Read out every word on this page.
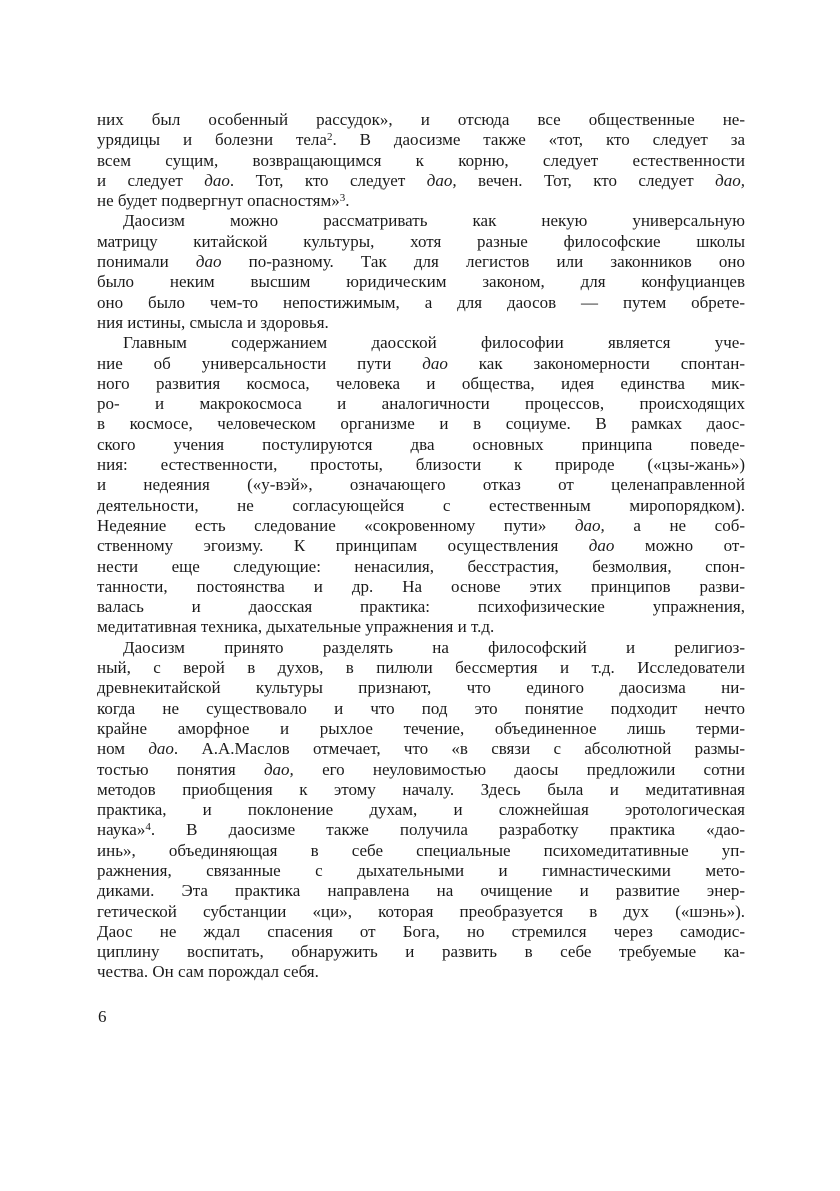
них был особенный рассудок», и отсюда все общественные не-
урядицы и болезни тела$^2$. В даосизме также «тот, кто следует за
всем сущим, возвращающимся к корню, следует естественности
и следует дао. Тот, кто следует дао, вечен. Тот, кто следует дао,
не будет подвергнут опасностям»$^3$.
Даосизм можно рассматривать как некую универсальную
матрицу китайской культуры, хотя разные философские школы
понимали дао по-разному. Так для легистов или законников оно
было неким высшим юридическим законом, для конфуцианцев
оно было чем-то непостижимым, а для даосов — путем обрете-
ния истины, смысла и здоровья.
Главным содержанием даосской философии является уче-
ние об универсальности пути дао как закономерности спонтан-
ного развития космоса, человека и общества, идея единства мик-
ро- и макрокосмоса и аналогичности процессов, происходящих
в космосе, человеческом организме и в социуме. В рамках даос-
ского учения постулируются два основных принципа поведе-
ния: естественности, простоты, близости к природе («цзы-жань»)
и недеяния («у-вэй», означающего отказ от целенаправленной
деятельности, не согласующейся с естественным миропорядком).
Недеяние есть следование «сокровенному пути» дао, а не соб-
ственному эгоизму. К принципам осуществления дао можно от-
нести еще следующие: ненасилия, бесстрастия, безмолвия, спон-
танности, постоянства и др. На основе этих принципов разви-
валась и даосская практика: психофизические упражнения,
медитативная техника, дыхательные упражнения и т.д.
Даосизм принято разделять на философский и религиоз-
ный, с верой в духов, в пилюли бессмертия и т.д. Исследователи
древнекитайской культуры признают, что единого даосизма ни-
когда не существовало и что под это понятие подходит нечто
крайне аморфное и рыхлое течение, объединенное лишь терми-
ном дао. А.А.Маслов отмечает, что «в связи с абсолютной размы-
тостью понятия дао, его неуловимостью даосы предложили сотни
методов приобщения к этому началу. Здесь была и медитативная
практика, и поклонение духам, и сложнейшая эротологическая
наука»$^4$. В даосизме также получила разработку практика «дао-
инь», объединяющая в себе специальные психомедитативные уп-
ражнения, связанные с дыхательными и гимнастическими мето-
диками. Эта практика направлена на очищение и развитие энер-
гетической субстанции «ци», которая преобразуется в дух («шэнь»).
Даос не ждал спасения от Бога, но стремился через самодис-
циплину воспитать, обнаружить и развить в себе требуемые ка-
чества. Он сам порождал себя.
6
